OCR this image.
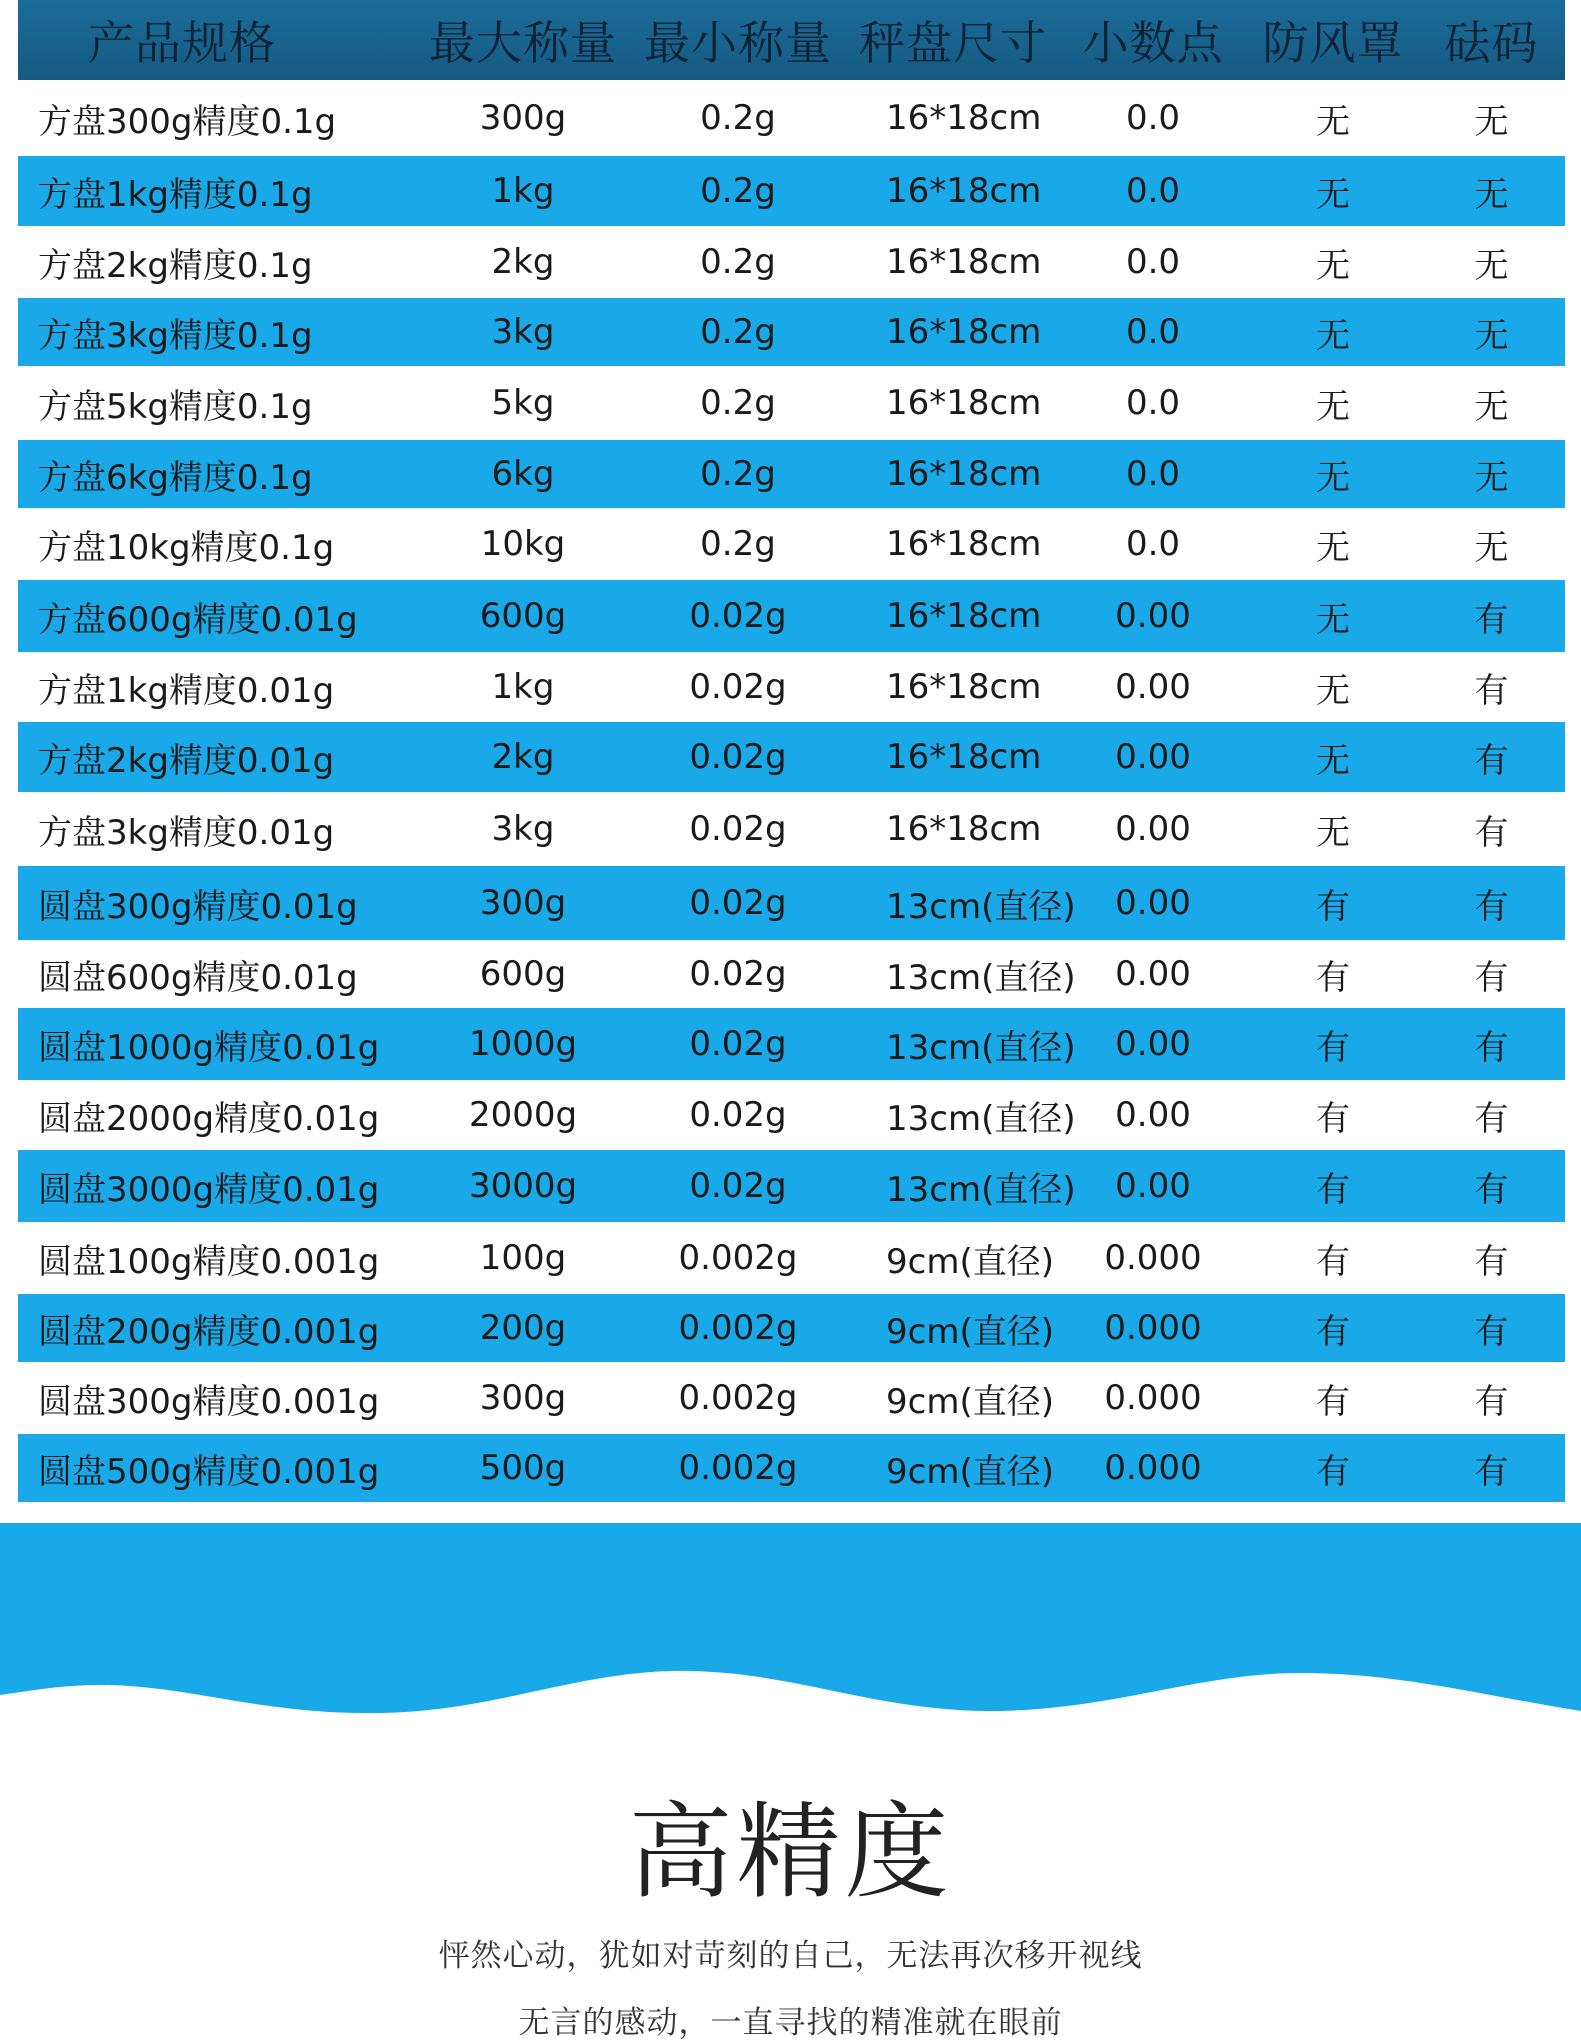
产品规格	最大称量 最小称量 秤盘尺寸 小数点 防风罩 砝码
方盘300g精度0.1g	300g	0.2g	16*18cm	0.0	无	无
方盘1kg精度0.1g	1kg	0.2g	16*18cm	0.0	无	无
方盘2kg精度0.1g	2kg	0.2g	16*18cm	0.0	无	无
方盘3kg精度0.1g	3kg	0.2g	16*18cm	0.0	无	无
方盘5kg精度0.1g	5kg	0.2g	16*18cm	0.0	无	无
方盘6kg精度0.1g	6kg	0.2g	16*18cm	0.0	无	无
方盘10kg精度0.1g	10kg	0.2g	16*18cm	0.0	无	无
方盘600g精度0.01g	600g	0.02g	16*18cm	0.00	无	有
方盘1kg精度0.01g	1kg	0.02g	16*18cm	0.00	无	有
方盘2kg精度0.01g	2kg	0.02g	16*18cm	0.00	无	有
方盘3kg精度0.01g	3kg	0.02g	16*18cm	0.00	无	有
圆盘300g精度0.01g	300g	0.02g	13cm(直径)	0.00	有	有
圆盘600g精度0.01g	600g	0.02g	13cm(直径)	0.00	有	有
圆盘1000g精度0.01g	1000g	0.02g	13cm(直径)	0.00	有	有
圆盘2000g精度0.01g	2000g	0.02g	13cm(直径)	0.00	有	有
圆盘3000g精度0.01g	3000g	0.02g	13cm(直径)	0.00	有	有
圆盘100g精度0.001g	100g	0.002g	9cm(直径)	0.000	有	有
圆盘200g精度0.001g	200g	0.002g	9cm(直径)	0.000	有	有
圆盘300g精度0.001g	300g	0.002g	9cm(直径)	0.000	有	有
圆盘500g精度0.001g	500g	0.002g	9cm(直径)	0.000	有	有
高精度
怦然心动，犹如对苛刻的自己，无法再次移开视线
无言的感动，一直寻找的精准就在眼前
